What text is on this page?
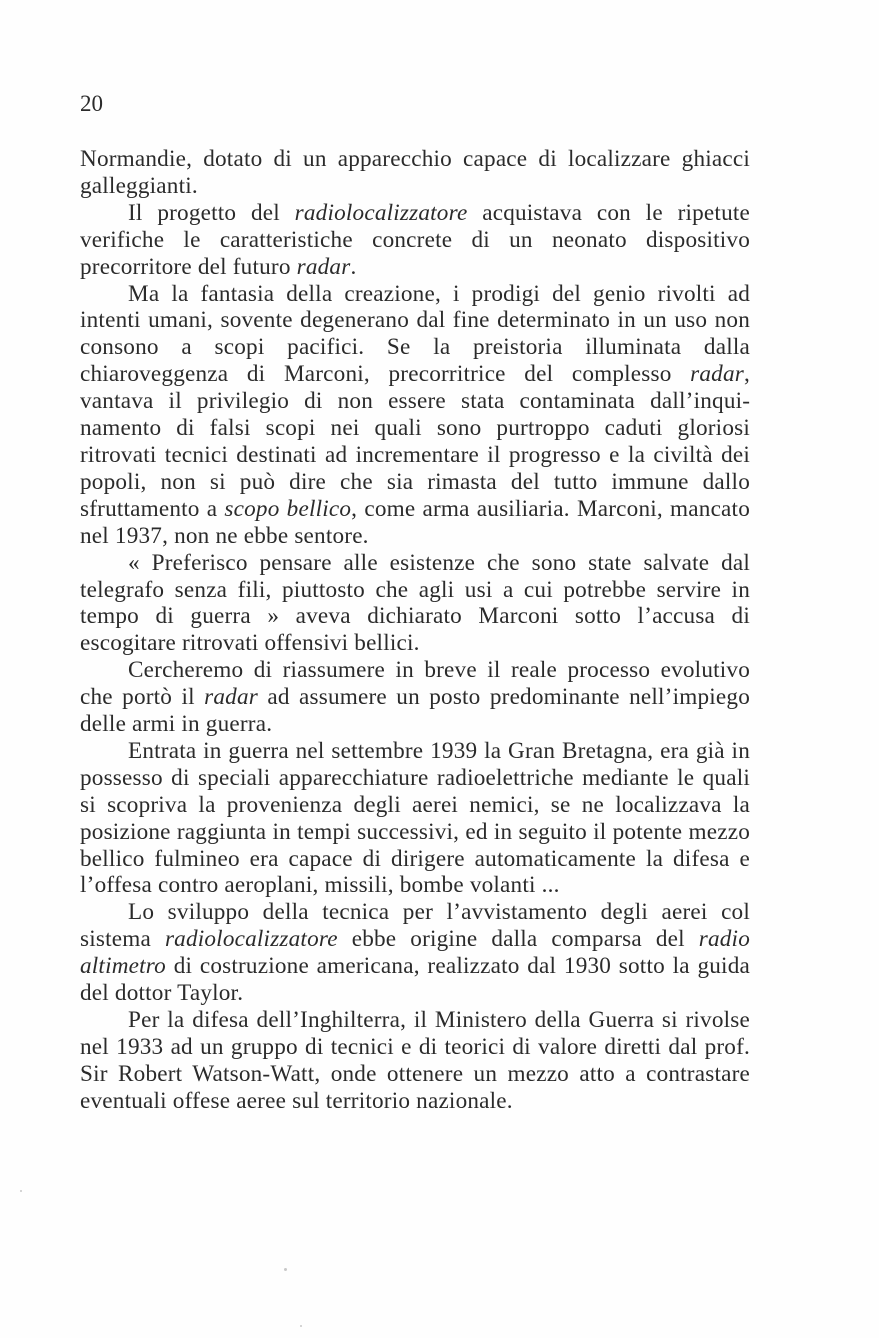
20

Normandie, dotato di un apparecchio capace di localizzare ghiacci galleggianti.

Il progetto del radiolocalizzatore acquistava con le ripetute verifiche le caratteristiche concrete di un neonato dispositivo precorritore del futuro radar.

Ma la fantasia della creazione, i prodigi del genio rivolti ad intenti umani, sovente degenerano dal fine determinato in un uso non consono a scopi pacifici. Se la preistoria illuminata dalla chiaroveggenza di Marconi, precorritrice del complesso radar, vantava il privilegio di non essere stata contaminata dall’inquinamento di falsi scopi nei quali sono purtroppo caduti gloriosi ritrovati tecnici destinati ad incrementare il progresso e la civiltà dei popoli, non si può dire che sia rimasta del tutto immune dallo sfruttamento a scopo bellico, come arma ausiliaria. Marconi, mancato nel 1937, non ne ebbe sentore.

« Preferisco pensare alle esistenze che sono state salvate dal telegrafo senza fili, piuttosto che agli usi a cui potrebbe servire in tempo di guerra » aveva dichiarato Marconi sotto l’accusa di escogitare ritrovati offensivi bellici.

Cercheremo di riassumere in breve il reale processo evolutivo che portò il radar ad assumere un posto predominante nell’impiego delle armi in guerra.

Entrata in guerra nel settembre 1939 la Gran Bretagna, era già in possesso di speciali apparecchiature radioelettriche mediante le quali si scopriva la provenienza degli aerei nemici, se ne localizzava la posizione raggiunta in tempi successivi, ed in seguito il potente mezzo bellico fulmineo era capace di dirigere automaticamente la difesa e l’offesa contro aeroplani, missili, bombe volanti ...

Lo sviluppo della tecnica per l’avvistamento degli aerei col sistema radiolocalizzatore ebbe origine dalla comparsa del radio altimetro di costruzione americana, realizzato dal 1930 sotto la guida del dottor Taylor.

Per la difesa dell’Inghilterra, il Ministero della Guerra si rivolse nel 1933 ad un gruppo di tecnici e di teorici di valore diretti dal prof. Sir Robert Watson-Watt, onde ottenere un mezzo atto a contrastare eventuali offese aeree sul territorio nazionale.
